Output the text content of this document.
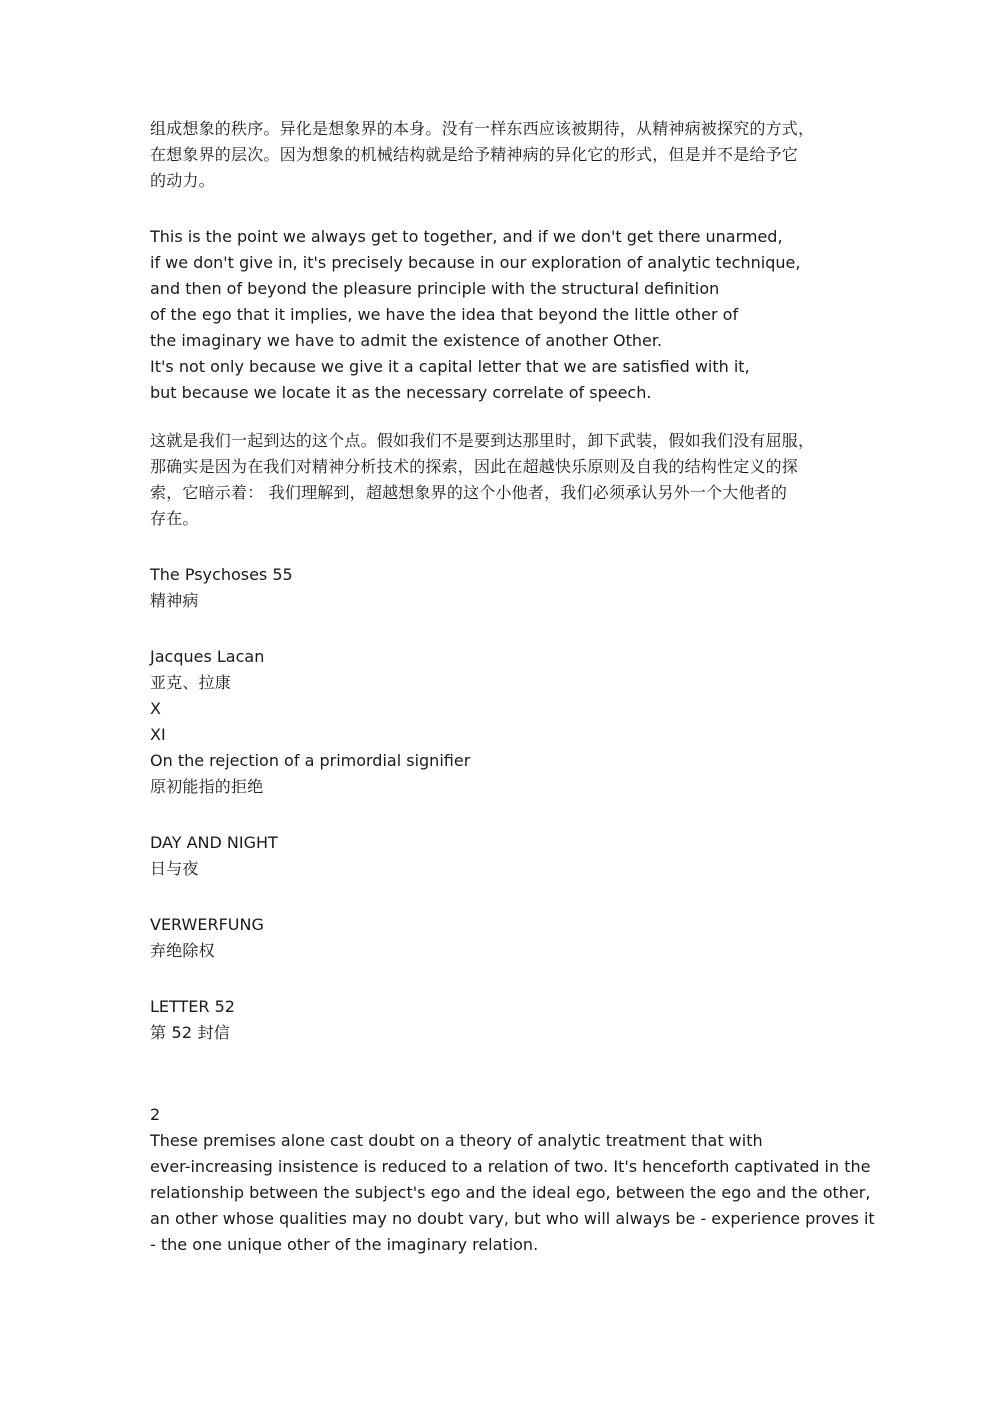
组成想象的秩序。异化是想象界的本身。没有一样东西应该被期待，从精神病被探究的方式，
在想象界的层次。因为想象的机械结构就是给予精神病的异化它的形式，但是并不是给予它
的动力。
This is the point we always get to together, and if we don't get there unarmed,
if we don't give in, it's precisely because in our exploration of analytic technique,
and then of beyond the pleasure principle with the structural definition
of the ego that it implies, we have the idea that beyond the little other of
the imaginary we have to admit the existence of another Other.
It's not only because we give it a capital letter that we are satisfied with it,
but because we locate it as the necessary correlate of speech.
这就是我们一起到达的这个点。假如我们不是要到达那里时，卸下武装，假如我们没有屈服，
那确实是因为在我们对精神分析技术的探索，因此在超越快乐原则及自我的结构性定义的探
索，它暗示着： 我们理解到，超越想象界的这个小他者，我们必须承认另外一个大他者的
存在。
The Psychoses 55
精神病
Jacques Lacan
亚克、拉康
X
XI
On the rejection of a primordial signifier
原初能指的拒绝
DAY AND NIGHT
日与夜
VERWERFUNG
弃绝除权
LETTER 52
第 52 封信
2
These premises alone cast doubt on a theory of analytic treatment that with
ever-increasing insistence is reduced to a relation of two. It's henceforth captivated in the
relationship between the subject's ego and the ideal ego, between the ego and the other,
an other whose qualities may no doubt vary, but who will always be - experience proves it
- the one unique other of the imaginary relation.
